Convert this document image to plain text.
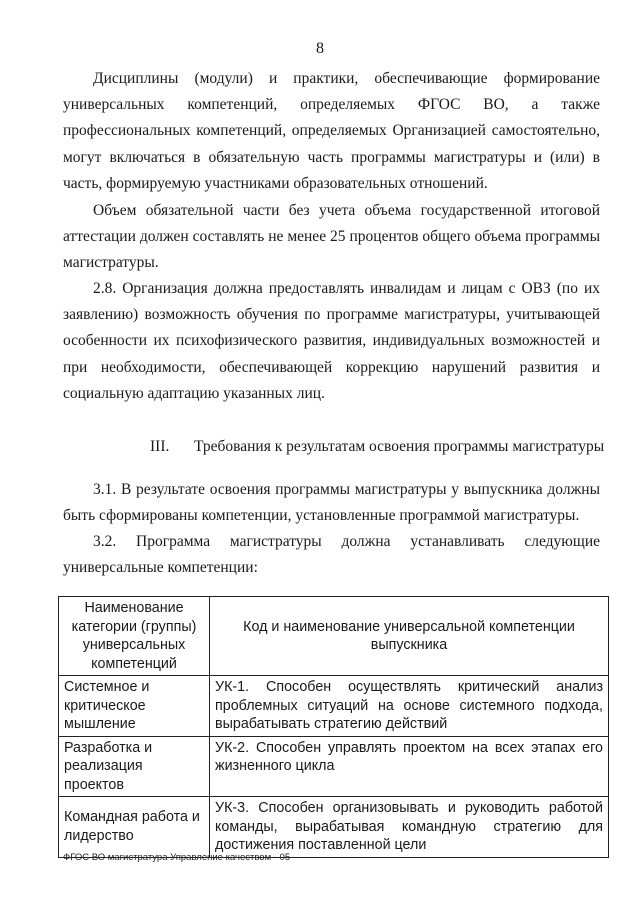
8

Дисциплины (модули) и практики, обеспечивающие формирование универсальных компетенций, определяемых ФГОС ВО, а также профессиональных компетенций, определяемых Организацией самостоятельно, могут включаться в обязательную часть программы магистратуры и (или) в часть, формируемую участниками образовательных отношений.

Объем обязательной части без учета объема государственной итоговой аттестации должен составлять не менее 25 процентов общего объема программы магистратуры.

2.8. Организация должна предоставлять инвалидам и лицам с ОВЗ (по их заявлению) возможность обучения по программе магистратуры, учитывающей особенности их психофизического развития, индивидуальных возможностей и при необходимости, обеспечивающей коррекцию нарушений развития и социальную адаптацию указанных лиц.

III. Требования к результатам освоения программы магистратуры

3.1. В результате освоения программы магистратуры у выпускника должны быть сформированы компетенции, установленные программой магистратуры.

3.2. Программа магистратуры должна устанавливать следующие универсальные компетенции:

Наименование категории (группы) универсальных компетенций	Код и наименование универсальной компетенции выпускника
Системное и критическое мышление	УК-1. Способен осуществлять критический анализ проблемных ситуаций на основе системного подхода, вырабатывать стратегию действий
Разработка и реализация проектов	УК-2. Способен управлять проектом на всех этапах его жизненного цикла
Командная работа и лидерство	УК-3. Способен организовывать и руководить работой команды, вырабатывая командную стратегию для достижения поставленной цели
ФГОС ВО магистратура Управление качеством - 05
